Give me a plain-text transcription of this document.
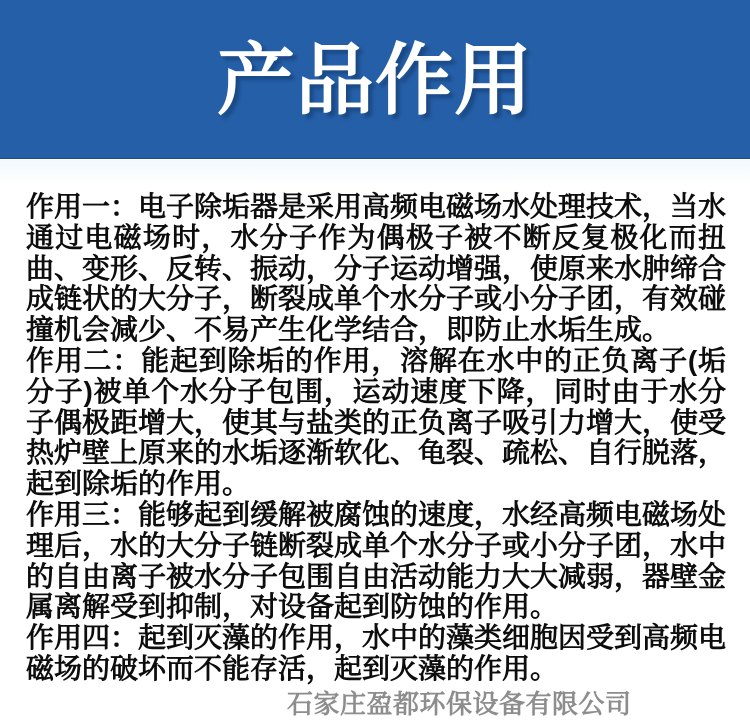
产品作用

作用一：电子除垢器是采用高频电磁场水处理技术，当水通过电磁场时，水分子作为偶极子被不断反复极化而扭曲、变形、反转、振动，分子运动增强，使原来水肿缔合成链状的大分子，断裂成单个水分子或小分子团，有效碰撞机会减少、不易产生化学结合，即防止水垢生成。

作用二：能起到除垢的作用，溶解在水中的正负离子(垢分子)被单个水分子包围，运动速度下降，同时由于水分子偶极距增大，使其与盐类的正负离子吸引力增大，使受热炉壁上原来的水垢逐渐软化、龟裂、疏松、自行脱落，起到除垢的作用。

作用三：能够起到缓解被腐蚀的速度，水经高频电磁场处理后，水的大分子链断裂成单个水分子或小分子团，水中的自由离子被水分子包围自由活动能力大大减弱，器壁金属离解受到抑制，对设备起到防蚀的作用。

作用四：起到灭藻的作用，水中的藻类细胞因受到高频电磁场的破坏而不能存活，起到灭藻的作用。

石家庄盈都环保设备有限公司
